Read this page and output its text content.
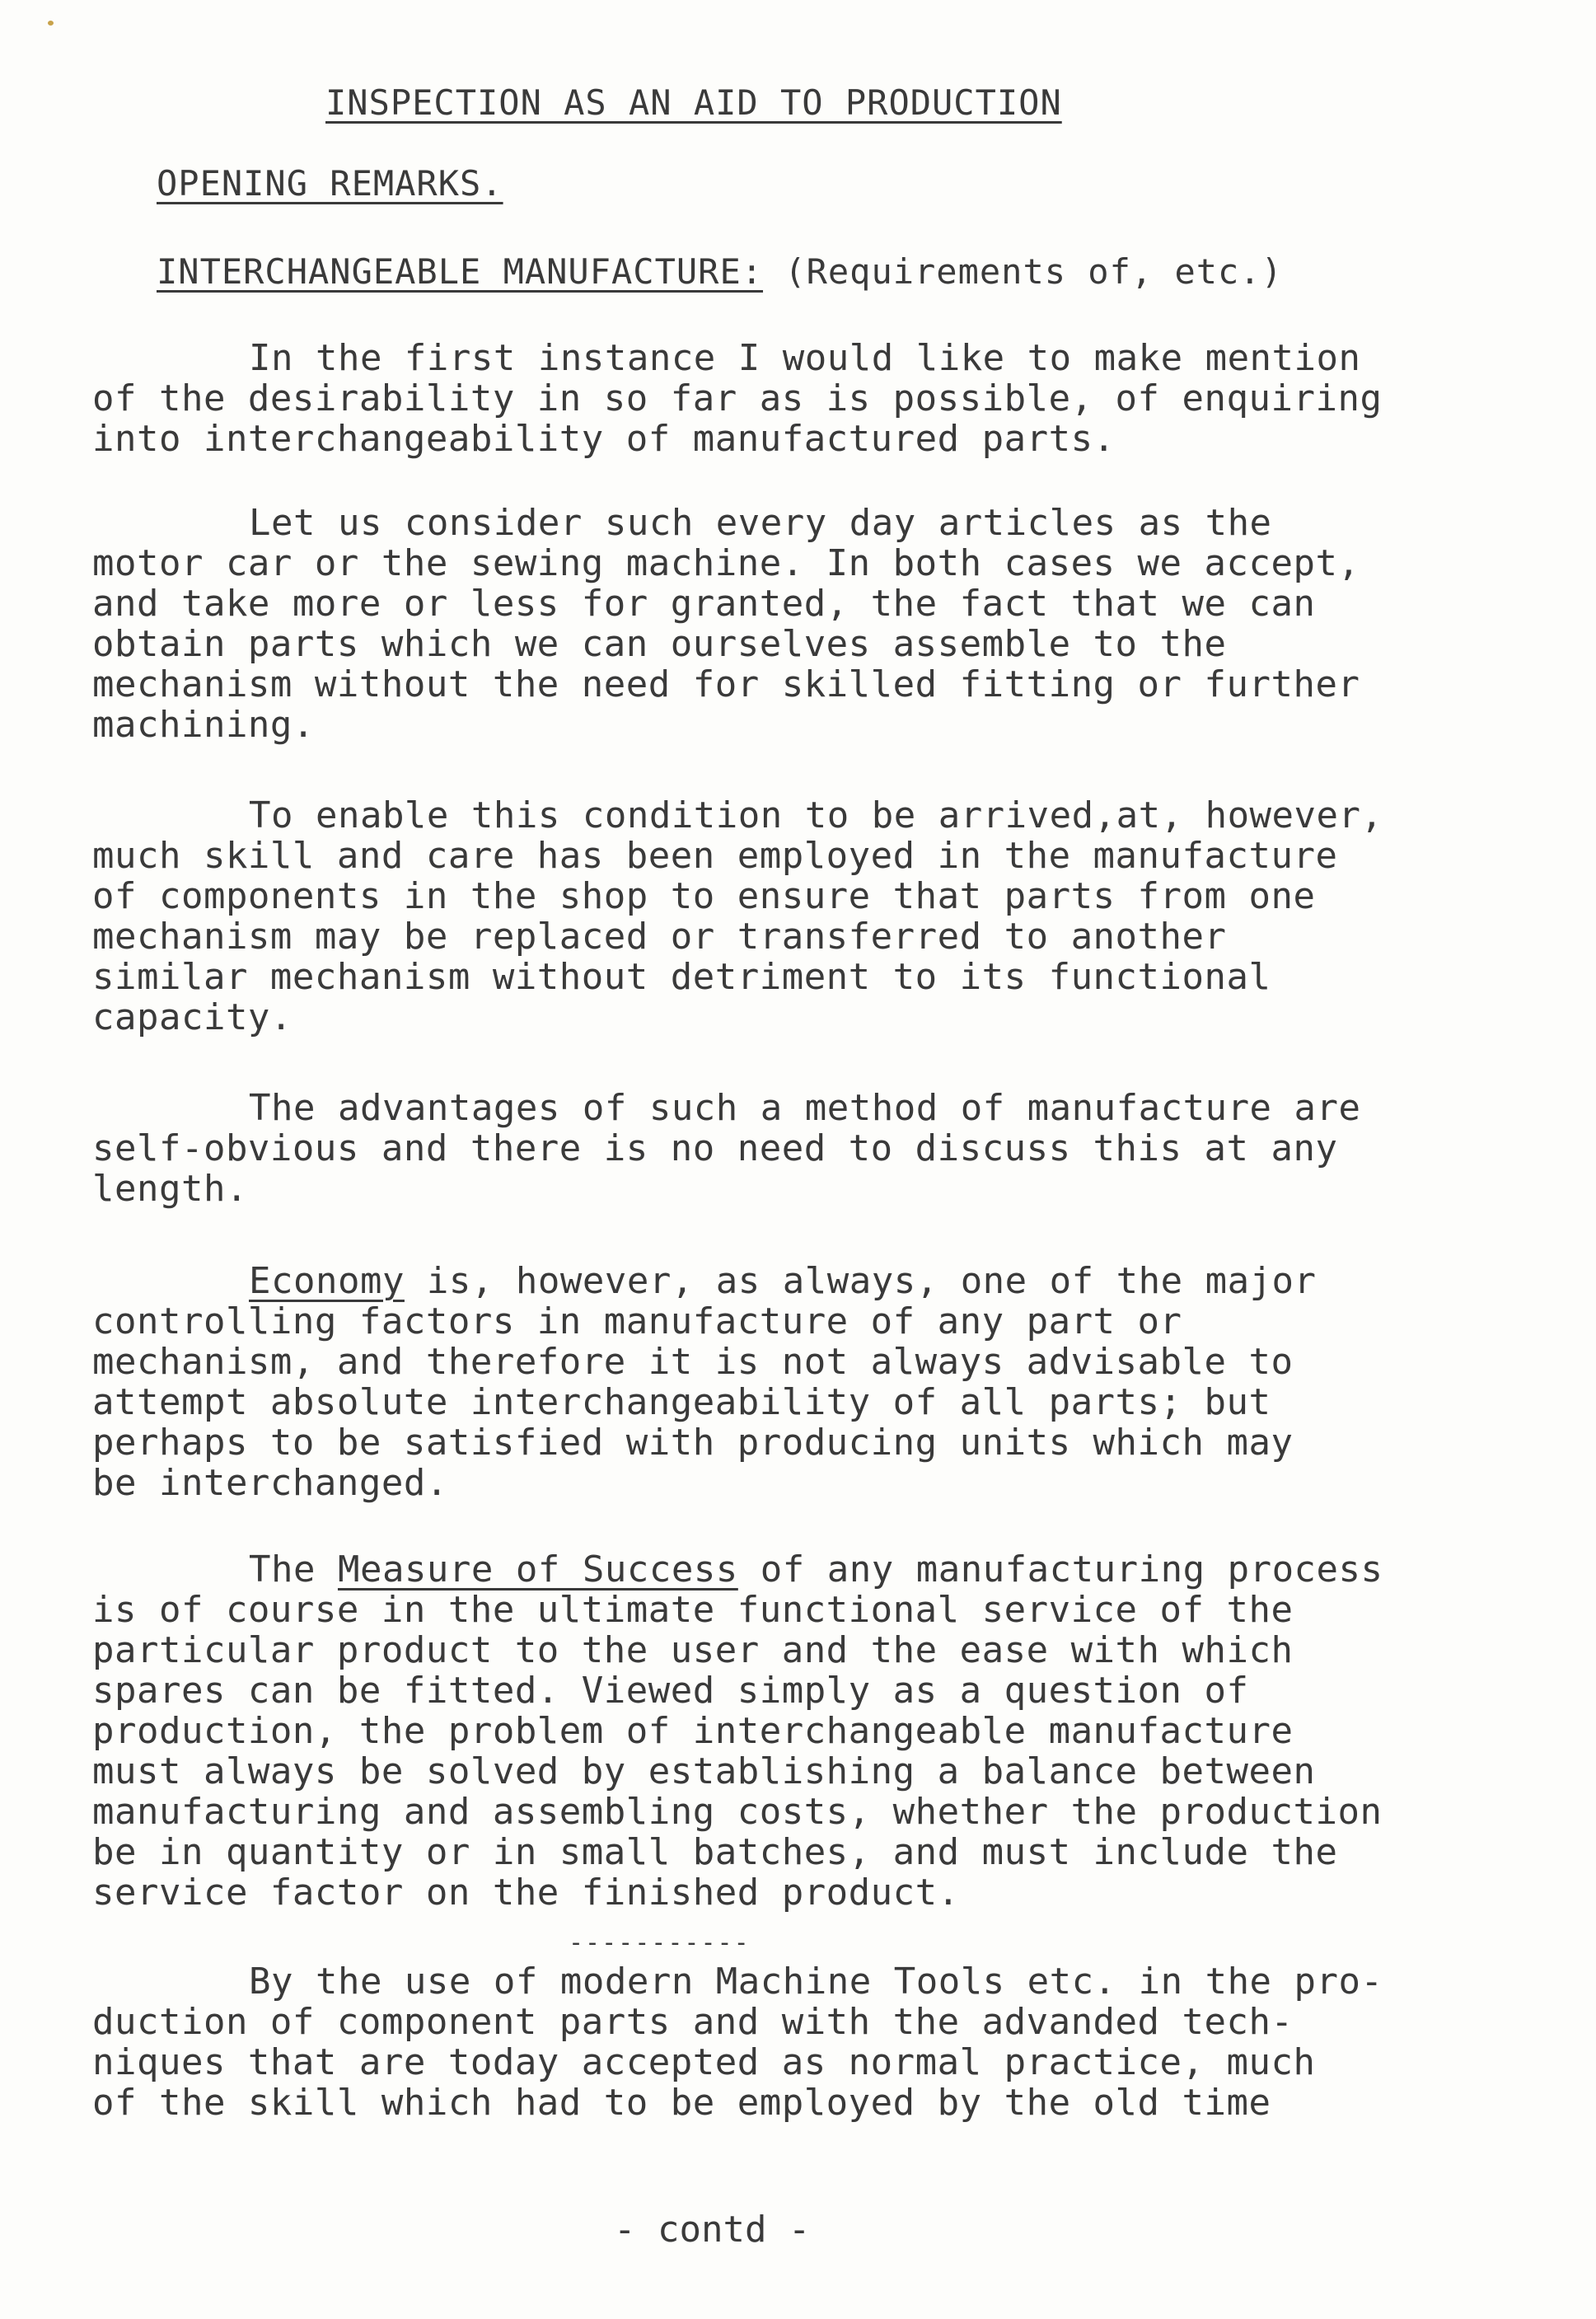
INSPECTION AS AN AID TO PRODUCTION
OPENING REMARKS.
INTERCHANGEABLE MANUFACTURE: (Requirements of, etc.)
In the first instance I would like to make mention
of the desirability in so far as is possible, of enquiring
into interchangeability of manufactured parts.
Let us consider such every day articles as the
motor car or the sewing machine. In both cases we accept,
and take more or less for granted, the fact that we can
obtain parts which we can ourselves assemble to the
mechanism without the need for skilled fitting or further
machining.
To enable this condition to be arrived,at, however,
much skill and care has been employed in the manufacture
of components in the shop to ensure that parts from one
mechanism may be replaced or transferred to another
similar mechanism without detriment to its functional
capacity.
The advantages of such a method of manufacture are
self-obvious and there is no need to discuss this at any
length.
Economy is, however, as always, one of the major
controlling factors in manufacture of any part or
mechanism, and therefore it is not always advisable to
attempt absolute interchangeability of all parts; but
perhaps to be satisfied with producing units which may
be interchanged.
The Measure of Success of any manufacturing process
is of course in the ultimate functional service of the
particular product to the user and the ease with which
spares can be fitted. Viewed simply as a question of
production, the problem of interchangeable manufacture
must always be solved by establishing a balance between
manufacturing and assembling costs, whether the production
be in quantity or in small batches, and must include the
service factor on the finished product.
-----------
By the use of modern Machine Tools etc. in the pro-
duction of component parts and with the advanded tech-
niques that are today accepted as normal practice, much
of the skill which had to be employed by the old time
- contd -
